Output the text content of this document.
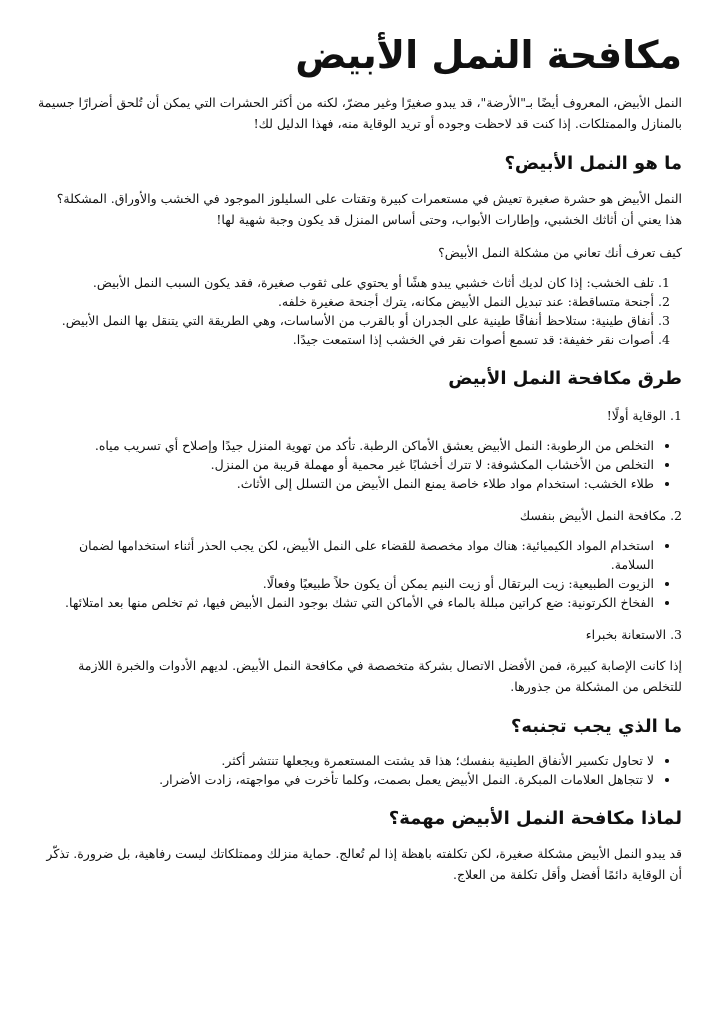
مكافحة النمل الأبيض

النمل الأبيض، المعروف أيضًا بـ"الأرضة"، قد يبدو صغيرًا وغير مضرّ، لكنه من أكثر الحشرات التي يمكن أن تُلحق أضرارًا جسيمة بالمنازل والممتلكات. إذا كنت قد لاحظت وجوده أو تريد الوقاية منه، فهذا الدليل لك!

ما هو النمل الأبيض؟

النمل الأبيض هو حشرة صغيرة تعيش في مستعمرات كبيرة وتقتات على السليلوز الموجود في الخشب والأوراق. المشكلة؟ هذا يعني أن أثاثك الخشبي، وإطارات الأبواب، وحتى أساس المنزل قد يكون وجبة شهية لها!

كيف تعرف أنك تعاني من مشكلة النمل الأبيض؟

1. تلف الخشب: إذا كان لديك أثاث خشبي يبدو هشًا أو يحتوي على ثقوب صغيرة، فقد يكون السبب النمل الأبيض.
2. أجنحة متساقطة: عند تبديل النمل الأبيض مكانه، يترك أجنحة صغيرة خلفه.
3. أنفاق طينية: ستلاحظ أنفاقًا طينية على الجدران أو بالقرب من الأساسات، وهي الطريقة التي يتنقل بها النمل الأبيض.
4. أصوات نقر خفيفة: قد تسمع أصوات نقر في الخشب إذا استمعت جيدًا.
طرق مكافحة النمل الأبيض

1. الوقاية أولًا!

• التخلص من الرطوبة: النمل الأبيض يعشق الأماكن الرطبة. تأكد من تهوية المنزل جيدًا وإصلاح أي تسريب مياه.
• التخلص من الأخشاب المكشوفة: لا تترك أخشابًا غير محمية أو مهملة قريبة من المنزل.
• طلاء الخشب: استخدام مواد طلاء خاصة يمنع النمل الأبيض من التسلل إلى الأثاث.

2. مكافحة النمل الأبيض بنفسك

• استخدام المواد الكيميائية: هناك مواد مخصصة للقضاء على النمل الأبيض، لكن يجب الحذر أثناء استخدامها لضمان السلامة.
• الزيوت الطبيعية: زيت البرتقال أو زيت النيم يمكن أن يكون حلاً طبيعيًا وفعالًا.
• الفخاخ الكرتونية: ضع كراتين مبللة بالماء في الأماكن التي تشك بوجود النمل الأبيض فيها، ثم تخلص منها بعد امتلائها.

3. الاستعانة بخبراء

إذا كانت الإصابة كبيرة، فمن الأفضل الاتصال بشركة متخصصة في مكافحة النمل الأبيض. لديهم الأدوات والخبرة اللازمة للتخلص من المشكلة من جذورها.

ما الذي يجب تجنبه؟
• لا تحاول تكسير الأنفاق الطينية بنفسك؛ هذا قد يشتت المستعمرة ويجعلها تنتشر أكثر.
• لا تتجاهل العلامات المبكرة. النمل الأبيض يعمل بصمت، وكلما تأخرت في مواجهته، زادت الأضرار.
لماذا مكافحة النمل الأبيض مهمة؟

قد يبدو النمل الأبيض مشكلة صغيرة، لكن تكلفته باهظة إذا لم تُعالج. حماية منزلك وممتلكاتك ليست رفاهية، بل ضرورة. تذكّر أن الوقاية دائمًا أفضل وأقل تكلفة من العلاج.
